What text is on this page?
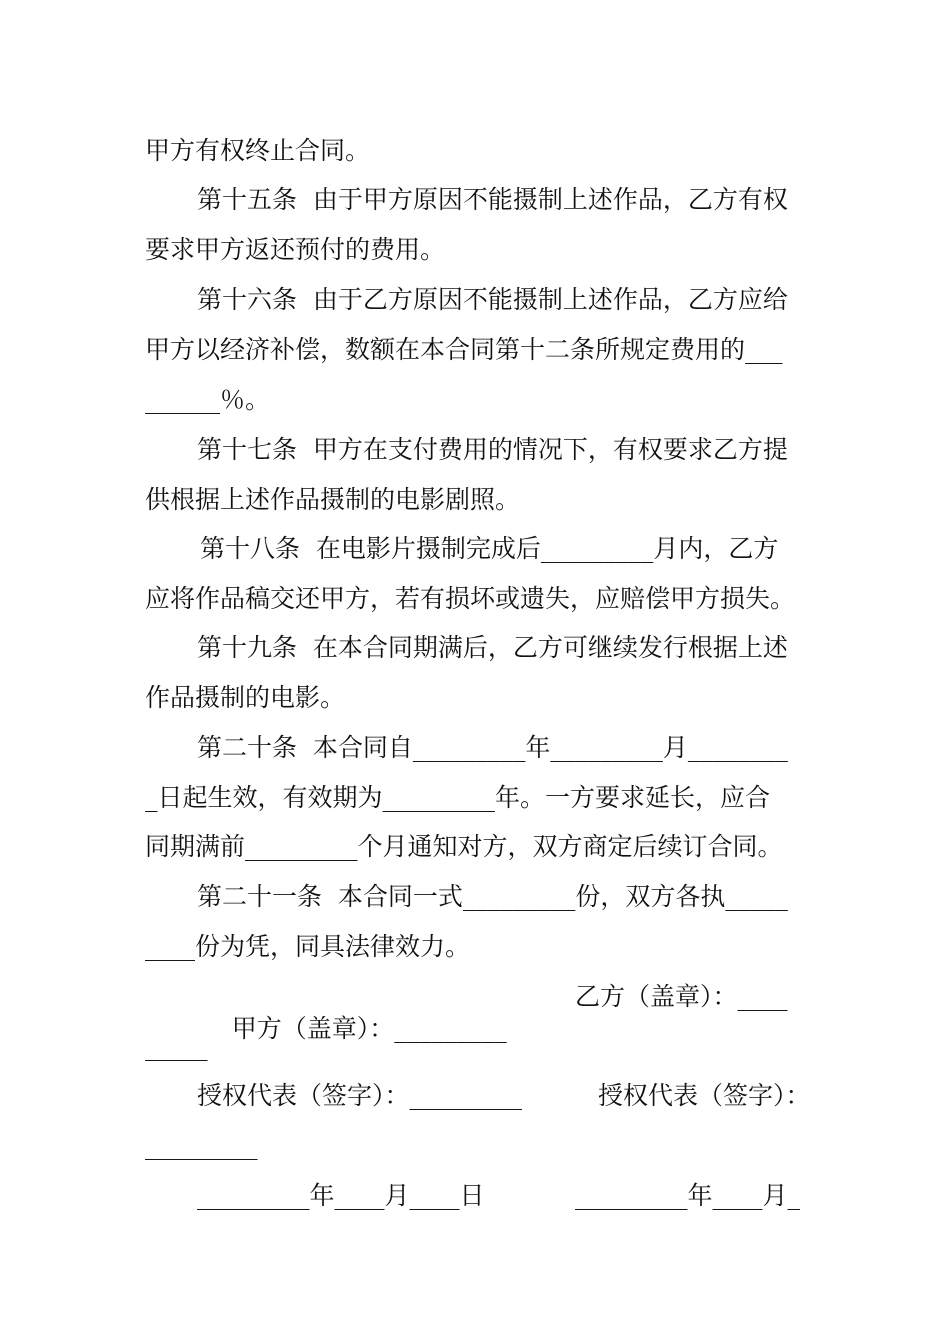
甲方有权终止合同。
第十五条  由于甲方原因不能摄制上述作品，乙方有权
要求甲方返还预付的费用。
第十六条  由于乙方原因不能摄制上述作品，乙方应给
甲方以经济补偿，数额在本合同第十二条所规定费用的___
______％。
第十七条  甲方在支付费用的情况下，有权要求乙方提
供根据上述作品摄制的电影剧照。
第十八条  在电影片摄制完成后_________月内，乙方
应将作品稿交还甲方，若有损坏或遗失，应赔偿甲方损失。
第十九条  在本合同期满后，乙方可继续发行根据上述
作品摄制的电影。
第二十条  本合同自_________年_________月________
_日起生效，有效期为_________年。一方要求延长，应合
同期满前_________个月通知对方，双方商定后续订合同。
第二十一条  本合同一式_________份，双方各执_____
____份为凭，同具法律效力。

甲方（盖章）：_________

乙方（盖章）：____
_____
授权代表（签字）：_________	授权代表（签字）：
_________
_________年____月____日	_________年____月_
